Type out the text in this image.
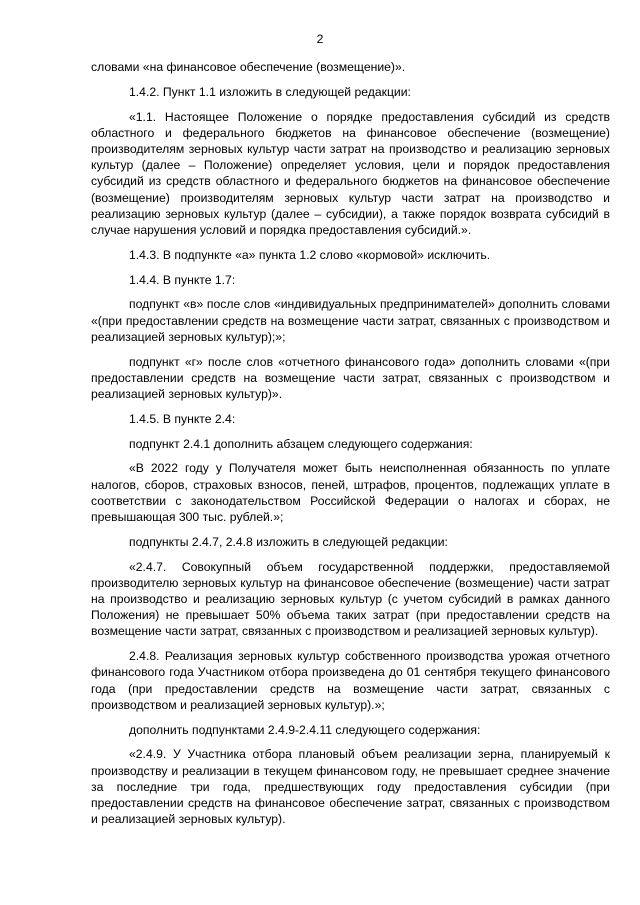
2

словами «на финансовое обеспечение (возмещение)».

1.4.2. Пункт 1.1 изложить в следующей редакции:

«1.1. Настоящее Положение о порядке предоставления субсидий из средств областного и федерального бюджетов на финансовое обеспечение (возмещение) производителям зерновых культур части затрат на производство и реализацию зерновых культур (далее – Положение) определяет условия, цели и порядок предоставления субсидий из средств областного и федерального бюджетов на финансовое обеспечение (возмещение) производителям зерновых культур части затрат на производство и реализацию зерновых культур (далее – субсидии), а также порядок возврата субсидий в случае нарушения условий и порядка предоставления субсидий.».

1.4.3. В подпункте «а» пункта 1.2 слово «кормовой» исключить.

1.4.4. В пункте 1.7:

подпункт «в» после слов «индивидуальных предпринимателей» дополнить словами «(при предоставлении средств на возмещение части затрат, связанных с производством и реализацией зерновых культур);»;

подпункт «г» после слов «отчетного финансового года» дополнить словами «(при предоставлении средств на возмещение части затрат, связанных с производством и реализацией зерновых культур)».

1.4.5. В пункте 2.4:

подпункт 2.4.1 дополнить абзацем следующего содержания:

«В 2022 году у Получателя может быть неисполненная обязанность по уплате налогов, сборов, страховых взносов, пеней, штрафов, процентов, подлежащих уплате в соответствии с законодательством Российской Федерации о налогах и сборах, не превышающая 300 тыс. рублей.»;

подпункты 2.4.7, 2.4.8 изложить в следующей редакции:

«2.4.7. Совокупный объем государственной поддержки, предоставляемой производителю зерновых культур на финансовое обеспечение (возмещение) части затрат на производство и реализацию зерновых культур (с учетом субсидий в рамках данного Положения) не превышает 50% объема таких затрат (при предоставлении средств на возмещение части затрат, связанных с производством и реализацией зерновых культур).

2.4.8. Реализация зерновых культур собственного производства урожая отчетного финансового года Участником отбора произведена до 01 сентября текущего финансового года (при предоставлении средств на возмещение части затрат, связанных с производством и реализацией зерновых культур).»;

дополнить подпунктами 2.4.9-2.4.11 следующего содержания:

«2.4.9. У Участника отбора плановый объем реализации зерна, планируемый к производству и реализации в текущем финансовом году, не превышает среднее значение за последние три года, предшествующих году предоставления субсидии (при предоставлении средств на финансовое обеспечение затрат, связанных с производством и реализацией зерновых культур).
